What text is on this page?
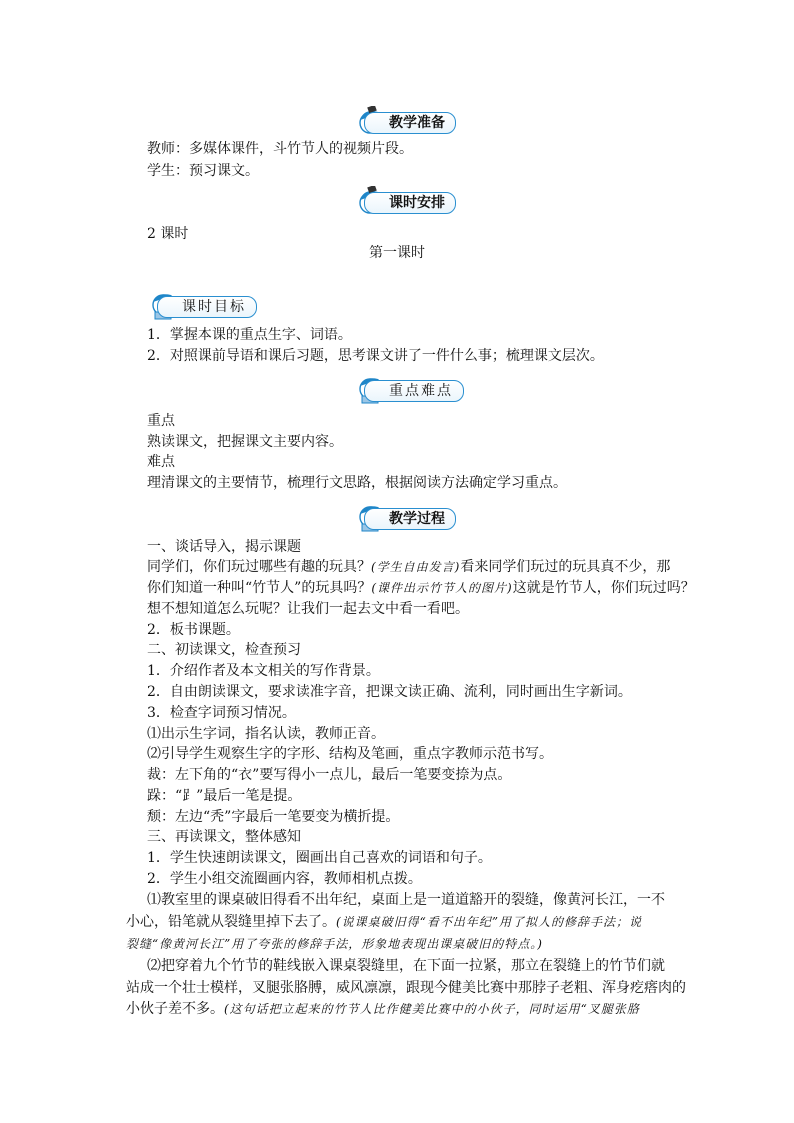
教学准备
教师：多媒体课件，斗竹节人的视频片段。
学生：预习课文。
课时安排
2 课时
第一课时
课时目标
1．掌握本课的重点生字、词语。
2．对照课前导语和课后习题，思考课文讲了一件什么事；梳理课文层次。
重点难点
重点
熟读课文，把握课文主要内容。
难点
理清课文的主要情节，梳理行文思路，根据阅读方法确定学习重点。
教学过程
一、谈话导入，揭示课题
同学们，你们玩过哪些有趣的玩具？(学生自由发言)看来同学们玩过的玩具真不少，那
你们知道一种叫“竹节人”的玩具吗？(课件出示竹节人的图片)这就是竹节人，你们玩过吗？
想不想知道怎么玩呢？让我们一起去文中看一看吧。
2．板书课题。
二、初读课文，检查预习
1．介绍作者及本文相关的写作背景。
2．自由朗读课文，要求读准字音，把课文读正确、流利，同时画出生字新词。
3．检查字词预习情况。
⑴出示生字词，指名认读，教师正音。
⑵引导学生观察生字的字形、结构及笔画，重点字教师示范书写。
裁：左下角的“衣”要写得小一点儿，最后一笔要变捺为点。
跺：“⻊”最后一笔是提。
颓：左边“秃”字最后一笔要变为横折提。
三、再读课文，整体感知
1．学生快速朗读课文，圈画出自己喜欢的词语和句子。
2．学生小组交流圈画内容，教师相机点拨。
⑴教室里的课桌破旧得看不出年纪，桌面上是一道道豁开的裂缝，像黄河长江，一不
小心，铅笔就从裂缝里掉下去了。(说课桌破旧得“看不出年纪”用了拟人的修辞手法；说
裂缝“像黄河长江”用了夸张的修辞手法，形象地表现出课桌破旧的特点。)
⑵把穿着九个竹节的鞋线嵌入课桌裂缝里，在下面一拉紧，那立在裂缝上的竹节们就
站成一个壮士模样，叉腿张胳膊，威风凛凛，跟现今健美比赛中那脖子老粗、浑身疙瘩肉的
小伙子差不多。(这句话把立起来的竹节人比作健美比赛中的小伙子，同时运用“叉腿张胳
